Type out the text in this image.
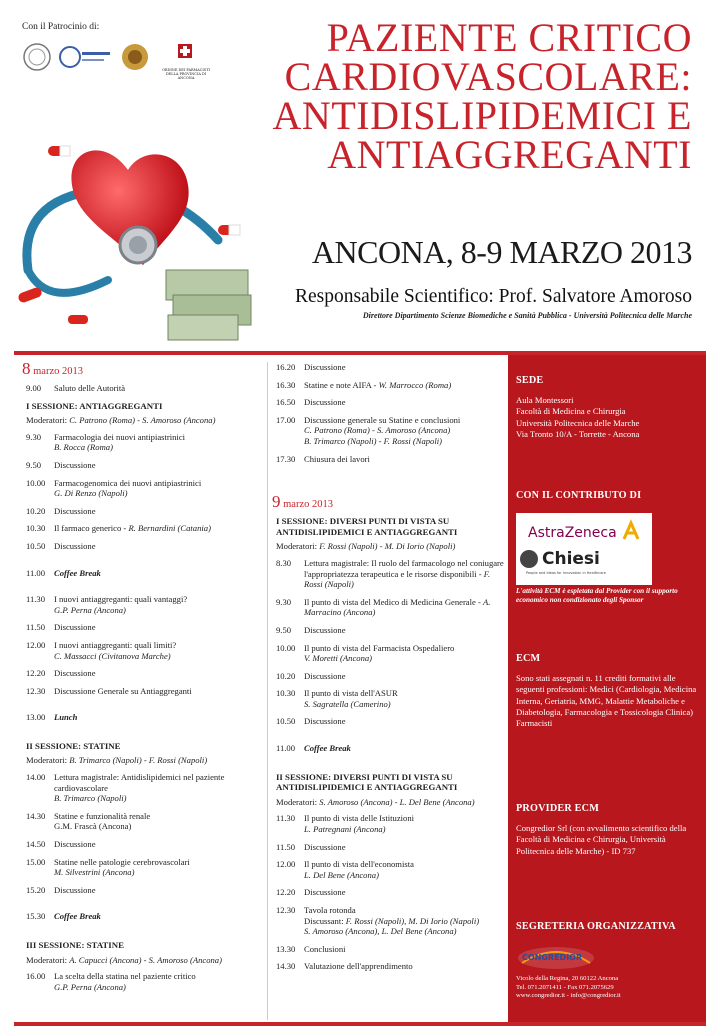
Con il Patrocinio di:
ORDINE DEI FARMACISTI DELLA PROVINCIA DI ANCONA
PAZIENTE CRITICO
CARDIOVASCOLARE:
ANTIDISLIPIDEMICI E
ANTIAGGREGANTI
ANCONA, 8-9 MARZO 2013
Responsabile Scientifico: Prof. Salvatore Amoroso
Direttore Dipartimento Scienze Biomediche e Sanità Pubblica - Università Politecnica delle Marche
8 marzo 2013
9.00	Saluto delle Autorità
I SESSIONE: ANTIAGGREGANTI
Moderatori: C. Patrono (Roma) - S. Amoroso (Ancona)
9.30	Farmacologia dei nuovi antipiastrinici
B. Rocca (Roma)
9.50	Discussione
10.00	Farmacogenomica dei nuovi antipiastrinici
G. Di Renzo (Napoli)
10.20	Discussione
10.30	Il farmaco generico - R. Bernardini (Catania)
10.50	Discussione
11.00	Coffee Break
11.30	I nuovi antiaggreganti: quali vantaggi?
G.P. Perna (Ancona)
11.50	Discussione
12.00	I nuovi antiaggreganti: quali limiti?
C. Massacci (Civitanova Marche)
12.20	Discussione
12.30	Discussione Generale su Antiaggreganti
13.00	Lunch
II SESSIONE: STATINE
Moderatori: B. Trimarco (Napoli) - F. Rossi (Napoli)
14.00	Lettura magistrale: Antidislipidemici nel paziente cardiovascolare
B. Trimarco (Napoli)
14.30	Statine e funzionalità renale
G.M. Frascà (Ancona)
14.50	Discussione
15.00	Statine nelle patologie cerebrovascolari
M. Silvestrini (Ancona)
15.20	Discussione
15.30	Coffee Break
III SESSIONE: STATINE
Moderatori: A. Capucci (Ancona) - S. Amoroso (Ancona)
16.00	La scelta della statina nel paziente critico
G.P. Perna (Ancona)
16.20	Discussione
16.30	Statine e note AIFA - W. Marrocco (Roma)
16.50	Discussione
17.00	Discussione generale su Statine e conclusioni
C. Patrono (Roma) - S. Amoroso (Ancona)
B. Trimarco (Napoli) - F. Rossi (Napoli)
17.30	Chiusura dei lavori
9 marzo 2013
I SESSIONE: DIVERSI PUNTI DI VISTA SU ANTIDISLIPIDEMICI E ANTIAGGREGANTI
Moderatori: F. Rossi (Napoli) - M. Di Iorio (Napoli)
8.30	Lettura magistrale: Il ruolo del farmacologo nel coniugare l'appropriatezza terapeutica e le risorse disponibili - F. Rossi (Napoli)
9.30	Il punto di vista del Medico di Medicina Generale - A. Marracino (Ancona)
9.50	Discussione
10.00	Il punto di vista del Farmacista Ospedaliero
V. Moretti (Ancona)
10.20	Discussione
10.30	Il punto di vista dell'ASUR
S. Sagratella (Camerino)
10.50	Discussione
11.00	Coffee Break
II SESSIONE: DIVERSI PUNTI DI VISTA SU ANTIDISLIPIDEMICI E ANTIAGGREGANTI
Moderatori: S. Amoroso (Ancona) - L. Del Bene (Ancona)
11.30	Il punto di vista delle Istituzioni
L. Patregnani (Ancona)
11.50	Discussione
12.00	Il punto di vista dell'economista
L. Del Bene (Ancona)
12.20	Discussione
12.30	Tavola rotonda
Discussant: F. Rossi (Napoli), M. Di Iorio (Napoli)
S. Amoroso (Ancona), L. Del Bene (Ancona)
13.30	Conclusioni
14.30	Valutazione dell'apprendimento
SEDE
Aula Montessori
Facoltà di Medicina e Chirurgia
Università Politecnica delle Marche
Via Tronto 10/A - Torrette - Ancona
CON IL CONTRIBUTO DI
AstraZeneca
Chiesi
People and Ideas for Innovation in Healthcare
L'attività ECM è espletata dal Provider con il supporto economico non condizionato degli Sponsor
ECM
Sono stati assegnati n. 11 crediti formativi alle seguenti professioni: Medici (Cardiologia, Medicina Interna, Geriatria, MMG, Malattie Metaboliche e Diabetologia, Farmacologia e Tossicologia Clinica) Farmacisti
PROVIDER ECM
Congredior Srl (con avvalimento scientifico della Facoltà di Medicina e Chirurgia, Università Politecnica delle Marche) - ID 737
SEGRETERIA ORGANIZZATIVA
CONGREDIOR
Vicolo della Regina, 20 60122 Ancona
Tel. 071.2071411 - Fax 071.2075629
www.congredior.it - info@congredior.it
